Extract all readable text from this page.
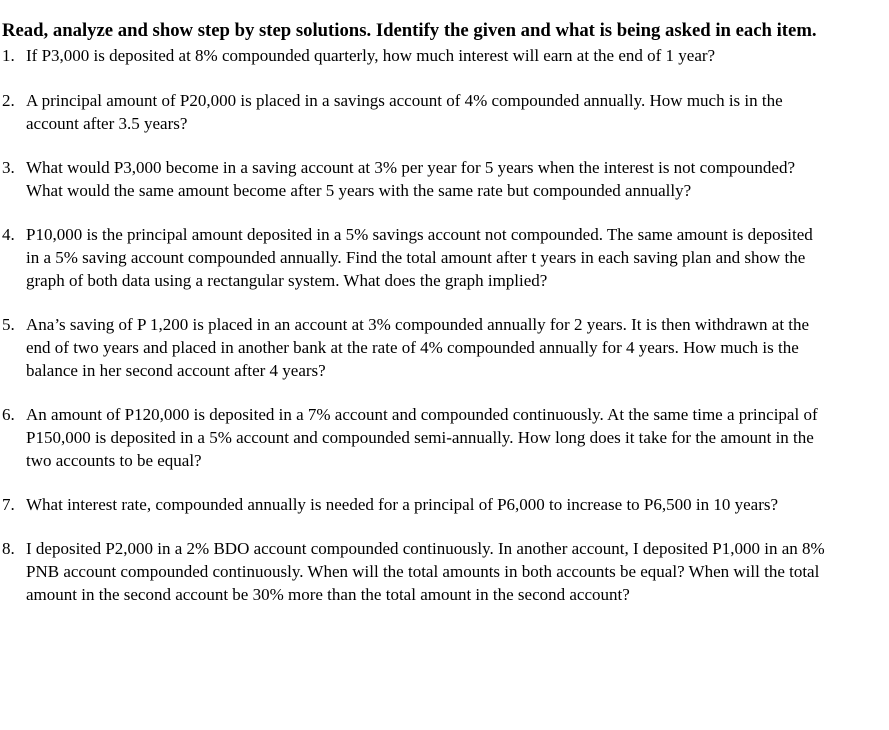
Read, analyze and show step by step solutions. Identify the given and what is being asked in each item.

1. If P3,000 is deposited at 8% compounded quarterly, how much interest will earn at the end of 1 year?
2. A principal amount of P20,000 is placed in a savings account of 4% compounded annually. How much is in the account after 3.5 years?
3. What would P3,000 become in a saving account at 3% per year for 5 years when the interest is not compounded? What would the same amount become after 5 years with the same rate but compounded annually?
4. P10,000 is the principal amount deposited in a 5% savings account not compounded. The same amount is deposited in a 5% saving account compounded annually. Find the total amount after t years in each saving plan and show the graph of both data using a rectangular system. What does the graph implied?
5. Ana’s saving of P 1,200 is placed in an account at 3% compounded annually for 2 years. It is then withdrawn at the end of two years and placed in another bank at the rate of 4% compounded annually for 4 years. How much is the balance in her second account after 4 years?
6. An amount of P120,000 is deposited in a 7% account and compounded continuously. At the same time a principal of P150,000 is deposited in a 5% account and compounded semi-annually. How long does it take for the amount in the two accounts to be equal?
7. What interest rate, compounded annually is needed for a principal of P6,000 to increase to P6,500 in 10 years?
8. I deposited P2,000 in a 2% BDO account compounded continuously. In another account, I deposited P1,000 in an 8% PNB account compounded continuously. When will the total amounts in both accounts be equal? When will the total amount in the second account be 30% more than the total amount in the second account?
